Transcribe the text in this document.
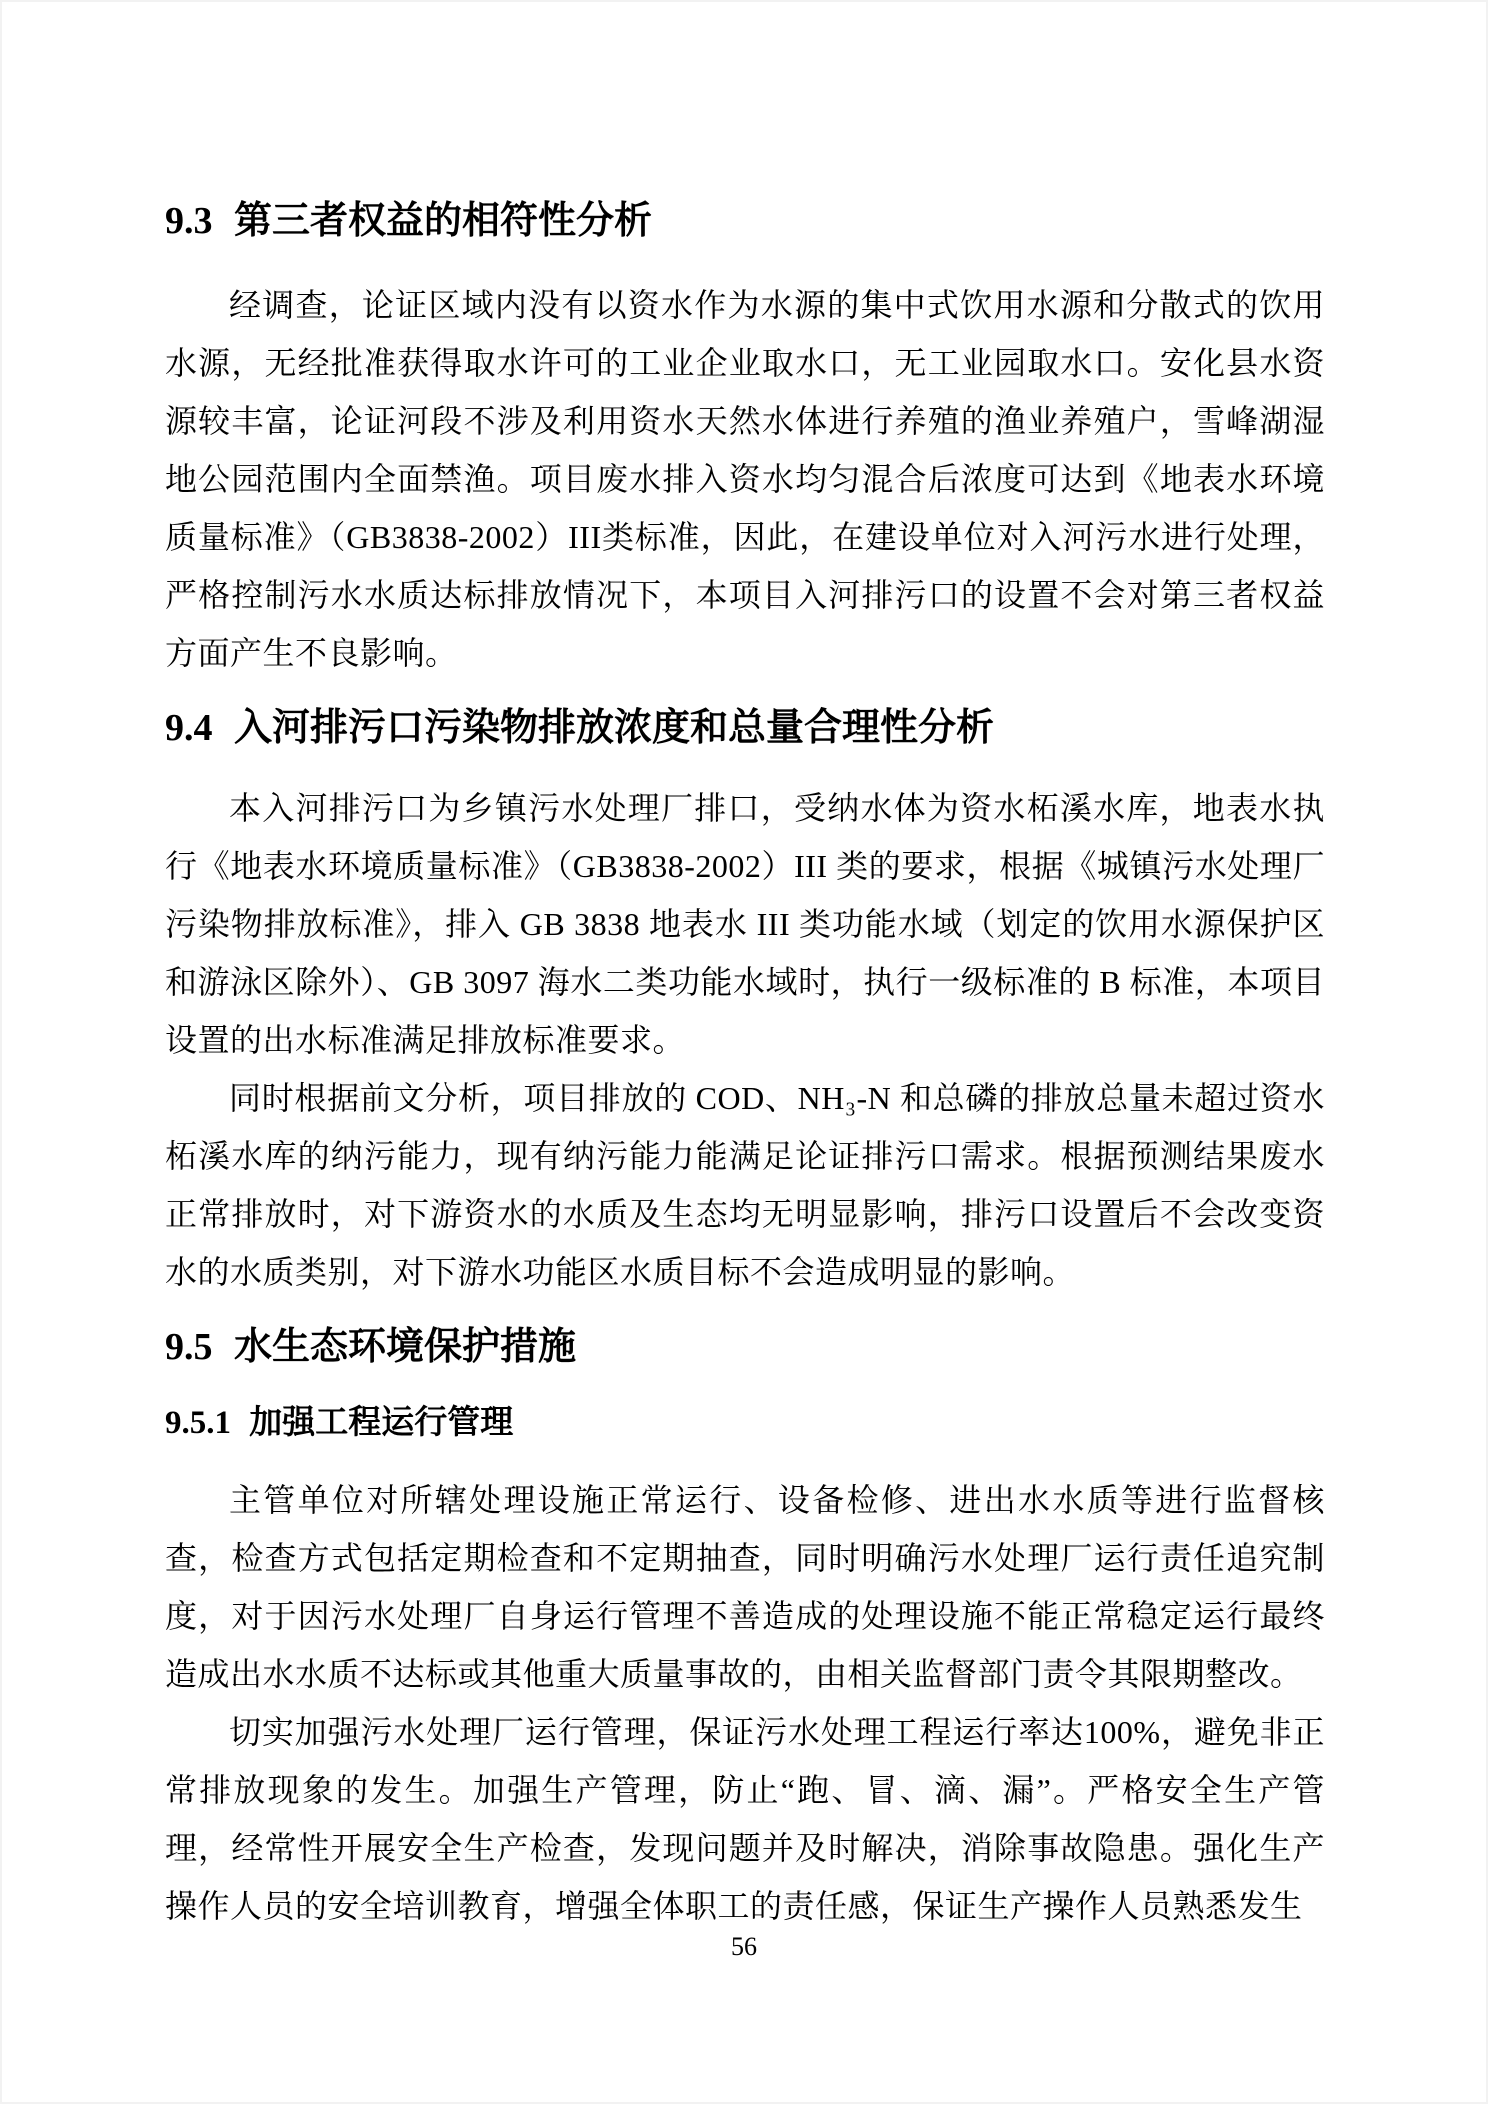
9.3 第三者权益的相符性分析

经调查，论证区域内没有以资水作为水源的集中式饮用水源和分散式的饮用水源，无经批准获得取水许可的工业企业取水口，无工业园取水口。安化县水资源较丰富，论证河段不涉及利用资水天然水体进行养殖的渔业养殖户，雪峰湖湿地公园范围内全面禁渔。项目废水排入资水均匀混合后浓度可达到《地表水环境质量标准》（GB3838-2002）III类标准，因此，在建设单位对入河污水进行处理，严格控制污水水质达标排放情况下，本项目入河排污口的设置不会对第三者权益方面产生不良影响。

9.4 入河排污口污染物排放浓度和总量合理性分析

本入河排污口为乡镇污水处理厂排口，受纳水体为资水柘溪水库，地表水执行《地表水环境质量标准》（GB3838-2002）III 类的要求，根据《城镇污水处理厂污染物排放标准》，排入 GB 3838 地表水 III 类功能水域（划定的饮用水源保护区和游泳区除外）、GB 3097 海水二类功能水域时，执行一级标准的 B 标准，本项目设置的出水标准满足排放标准要求。

同时根据前文分析，项目排放的 COD、NH₃-N 和总磷的排放总量未超过资水柘溪水库的纳污能力，现有纳污能力能满足论证排污口需求。根据预测结果废水正常排放时，对下游资水的水质及生态均无明显影响，排污口设置后不会改变资水的水质类别，对下游水功能区水质目标不会造成明显的影响。

9.5 水生态环境保护措施
9.5.1 加强工程运行管理

主管单位对所辖处理设施正常运行、设备检修、进出水水质等进行监督核查，检查方式包括定期检查和不定期抽查，同时明确污水处理厂运行责任追究制度，对于因污水处理厂自身运行管理不善造成的处理设施不能正常稳定运行最终造成出水水质不达标或其他重大质量事故的，由相关监督部门责令其限期整改。

切实加强污水处理厂运行管理，保证污水处理工程运行率达100%，避免非正常排放现象的发生。加强生产管理，防止“跑、冒、滴、漏”。严格安全生产管理，经常性开展安全生产检查，发现问题并及时解决，消除事故隐患。强化生产操作人员的安全培训教育，增强全体职工的责任感，保证生产操作人员熟悉发生

56
